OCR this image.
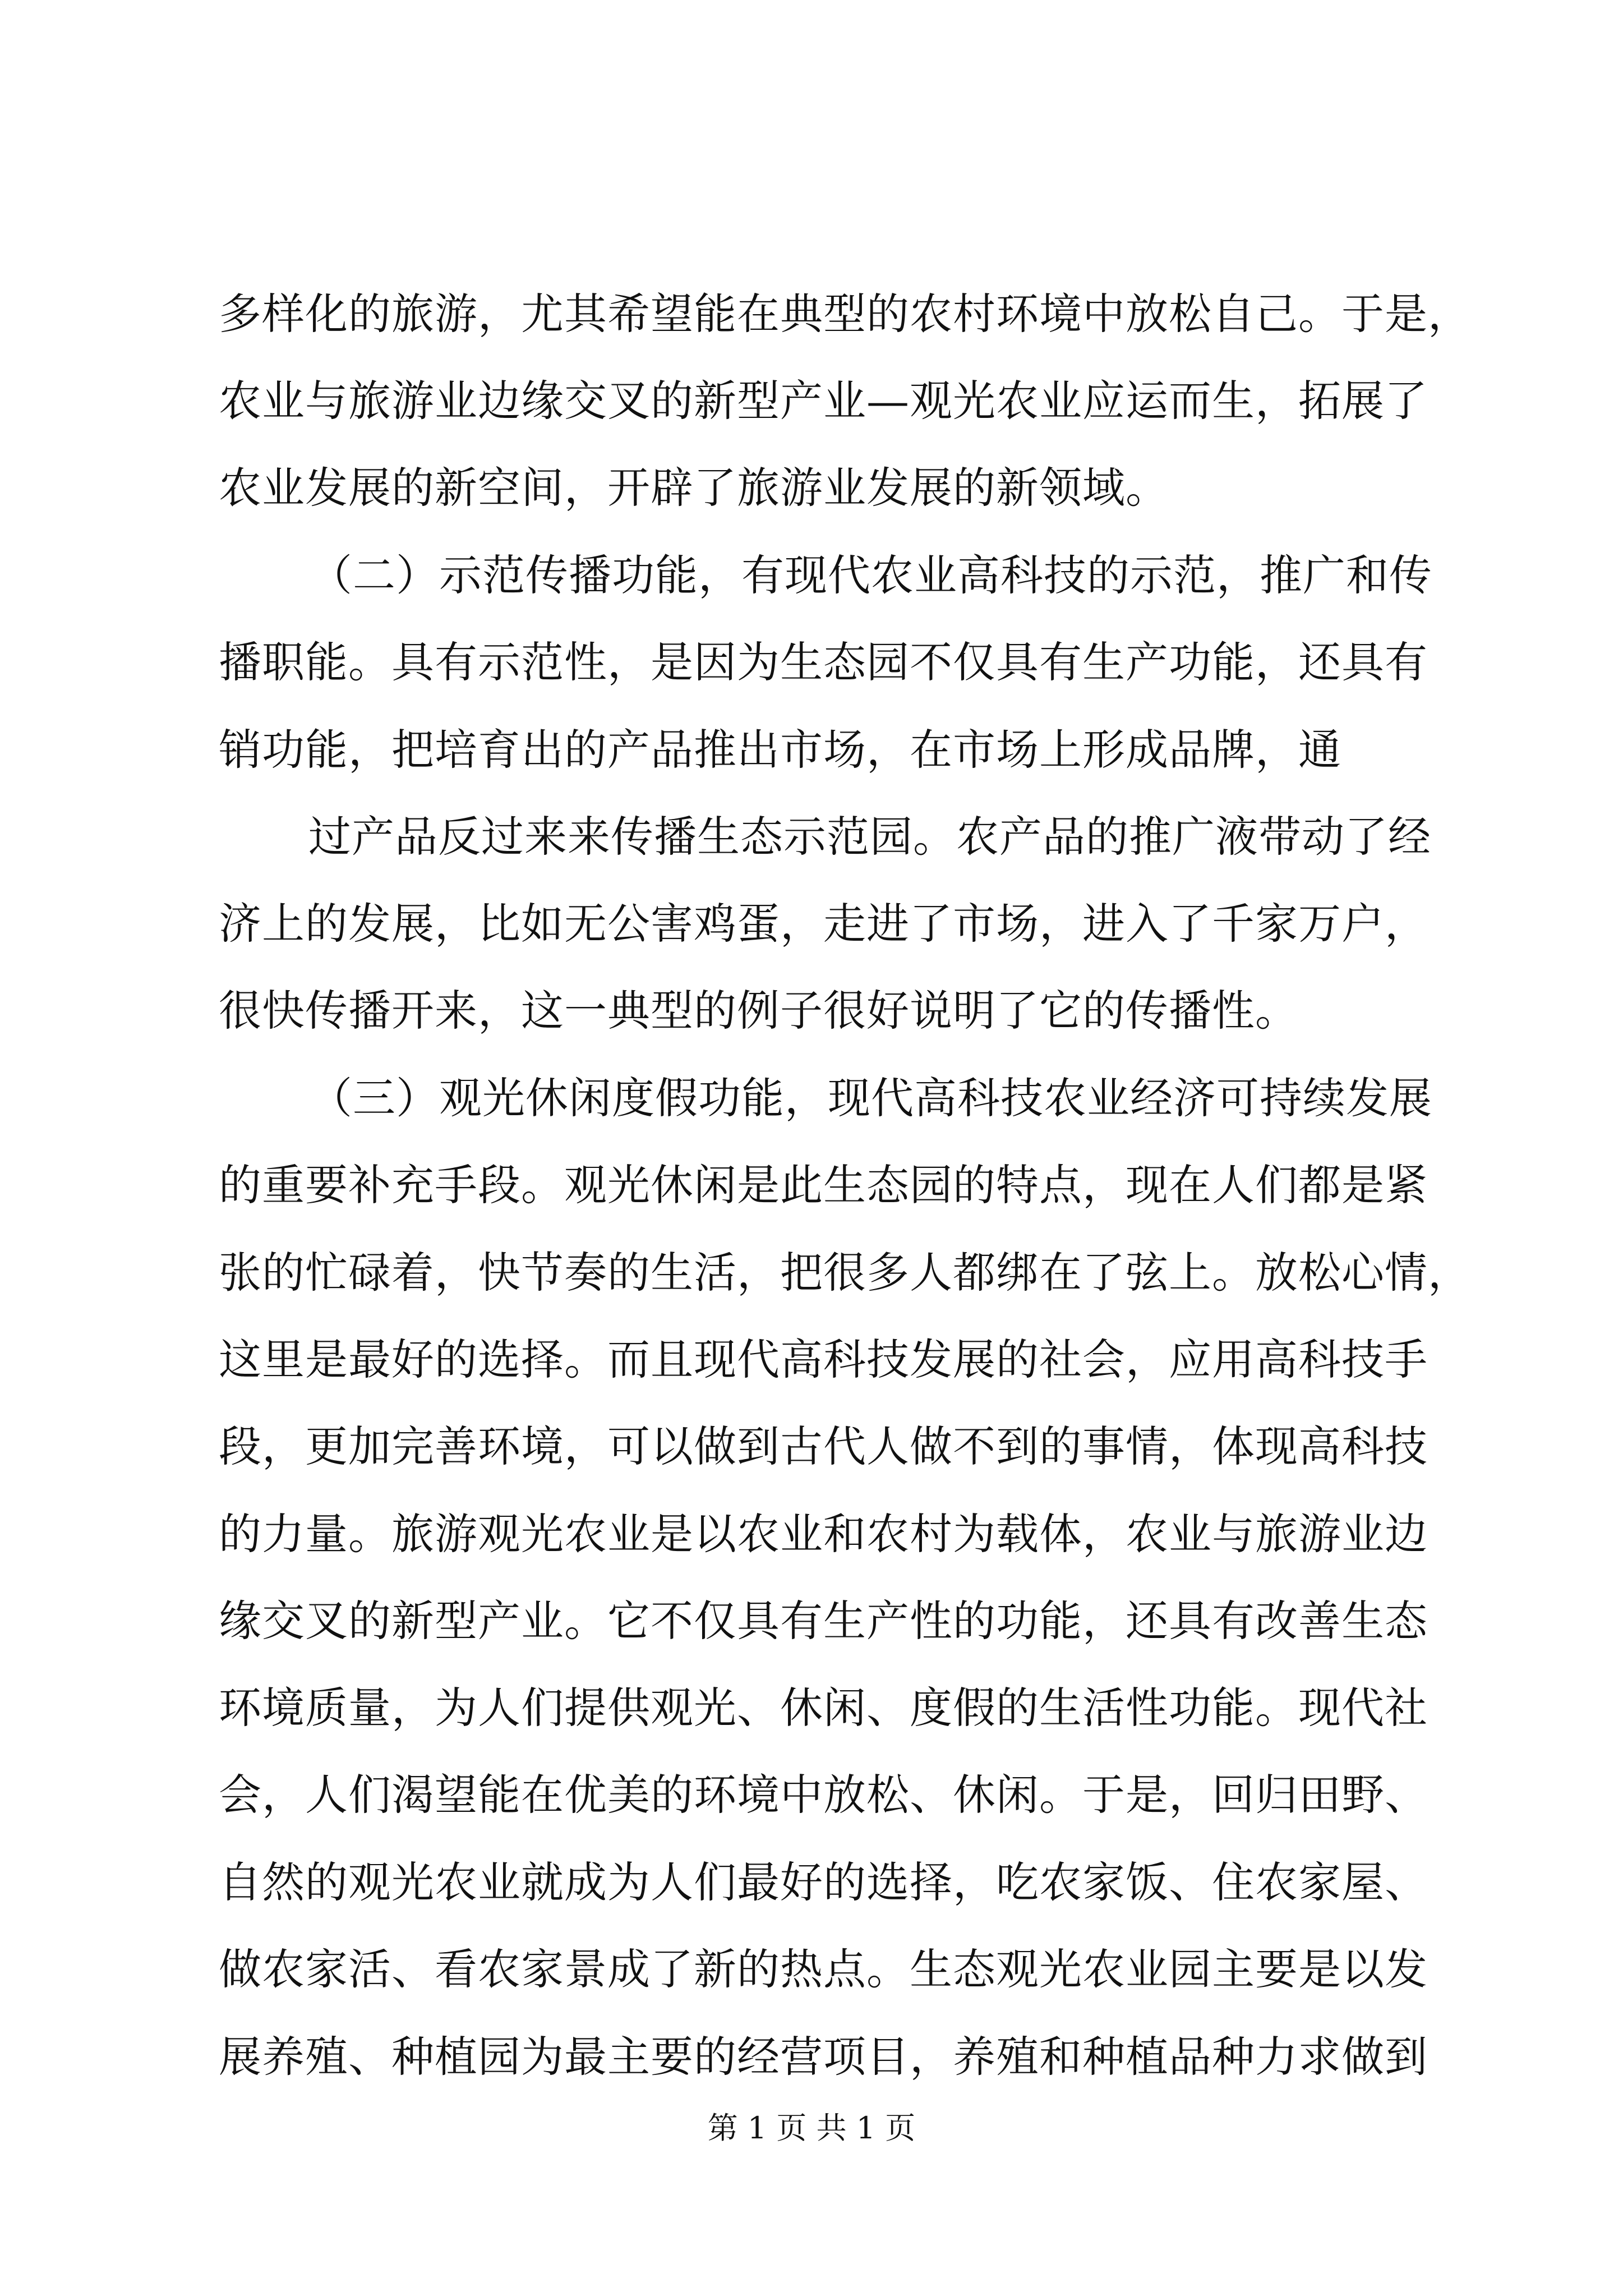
多样化的旅游，尤其希望能在典型的农村环境中放松自己。于是，
农业与旅游业边缘交叉的新型产业—观光农业应运而生，拓展了
农业发展的新空间，开辟了旅游业发展的新领域。
（二）示范传播功能，有现代农业高科技的示范，推广和传
播职能。具有示范性，是因为生态园不仅具有生产功能，还具有
销功能，把培育出的产品推出市场，在市场上形成品牌，通
过产品反过来来传播生态示范园。农产品的推广液带动了经
济上的发展，比如无公害鸡蛋，走进了市场，进入了千家万户，
很快传播开来，这一典型的例子很好说明了它的传播性。
（三）观光休闲度假功能，现代高科技农业经济可持续发展
的重要补充手段。观光休闲是此生态园的特点，现在人们都是紧
张的忙碌着，快节奏的生活，把很多人都绑在了弦上。放松心情，
这里是最好的选择。而且现代高科技发展的社会，应用高科技手
段，更加完善环境，可以做到古代人做不到的事情，体现高科技
的力量。旅游观光农业是以农业和农村为载体，农业与旅游业边
缘交叉的新型产业。它不仅具有生产性的功能，还具有改善生态
环境质量，为人们提供观光、休闲、度假的生活性功能。现代社
会，人们渴望能在优美的环境中放松、休闲。于是，回归田野、
自然的观光农业就成为人们最好的选择，吃农家饭、住农家屋、
做农家活、看农家景成了新的热点。生态观光农业园主要是以发
展养殖、种植园为最主要的经营项目，养殖和种植品种力求做到
第 1 页 共 1 页
